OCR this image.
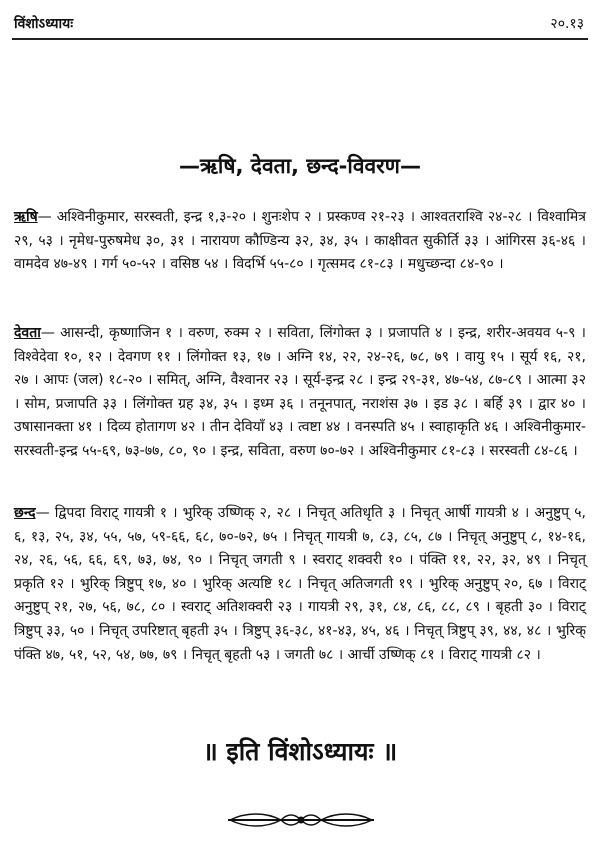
विंशोऽध्यायः	२०.१३
—ऋषि, देवता, छन्द-विवरण—
ऋषि— अश्विनीकुमार, सरस्वती, इन्द्र १,३-२० । शुनःशेप २ । प्रस्कण्व २१-२३ । आश्वतराश्वि २४-२८ । विश्वामित्र २९, ५३ । नृमेध-पुरुषमेध ३०, ३१ । नारायण कौण्डिन्य ३२, ३४, ३५ । काक्षीवत सुकीर्ति ३३ । आंगिरस ३६-४६ । वामदेव ४७-४९ । गर्ग ५०-५२ । वसिष्ठ ५४ । विदर्भि ५५-८० । गृत्समद ८१-८३ । मधुच्छन्दा ८४-९० ।
देवता— आसन्दी, कृष्णाजिन १ । वरुण, रुक्म २ । सविता, लिंगोक्त ३ । प्रजापति ४ । इन्द्र, शरीर-अवयव ५-९ । विश्वेदेवा १०, १२ । देवगण ११ । लिंगोक्त १३, १७ । अग्नि १४, २२, २४-२६, ७८, ७९ । वायु १५ । सूर्य १६, २१, २७ । आपः (जल) १८-२० । समित्, अग्नि, वैश्वानर २३ । सूर्य-इन्द्र २८ । इन्द्र २९-३१, ४७-५४, ८७-८९ । आत्मा ३२ । सोम, प्रजापति ३३ । लिंगोक्त ग्रह ३४, ३५ । इध्म ३६ । तनूनपात्, नराशंस ३७ । इड ३८ । बर्हि ३९ । द्वार ४० । उषासानक्ता ४१ । दिव्य होतागण ४२ । तीन देवियाँ ४३ । त्वष्टा ४४ । वनस्पति ४५ । स्वाहाकृति ४६ । अश्विनीकुमार-सरस्वती-इन्द्र ५५-६९, ७३-७७, ८०, ९० । इन्द्र, सविता, वरुण ७०-७२ । अश्विनीकुमार ८१-८३ । सरस्वती ८४-८६ ।
छन्द— द्विपदा विराट् गायत्री १ । भुरिक् उष्णिक् २, २८ । निचृत् अतिधृति ३ । निचृत् आर्षी गायत्री ४ । अनुष्टुप् ५, ६, १३, २५, ३४, ५५, ५७, ५९-६६, ६८, ७०-७२, ७५ । निचृत् गायत्री ७, ८३, ८५, ८७ । निचृत् अनुष्टुप् ८, १४-१६, २४, २६, ५६, ६६, ६९, ७३, ७४, ९० । निचृत् जगती ९ । स्वराट् शक्वरी १० । पंक्ति ११, २२, ३२, ४९ । निचृत् प्रकृति १२ । भुरिक् त्रिष्टुप् १७, ४० । भुरिक् अत्यष्टि १८ । निचृत् अतिजगती १९ । भुरिक् अनुष्टुप् २०, ६७ । विराट् अनुष्टुप् २१, २७, ५६, ७८, ८० । स्वराट् अतिशक्वरी २३ । गायत्री २९, ३१, ८४, ८६, ८८, ८९ । बृहती ३० । विराट् त्रिष्टुप् ३३, ५० । निचृत् उपरिष्टात् बृहती ३५ । त्रिष्टुप् ३६-३८, ४१-४३, ४५, ४६ । निचृत् त्रिष्टुप् ३९, ४४, ४८ । भुरिक् पंक्ति ४७, ५१, ५२, ५४, ७७, ७९ । निचृत् बृहती ५३ । जगती ७८ । आर्ची उष्णिक् ८१ । विराट् गायत्री ८२ ।
॥ इति विंशोऽध्यायः ॥
